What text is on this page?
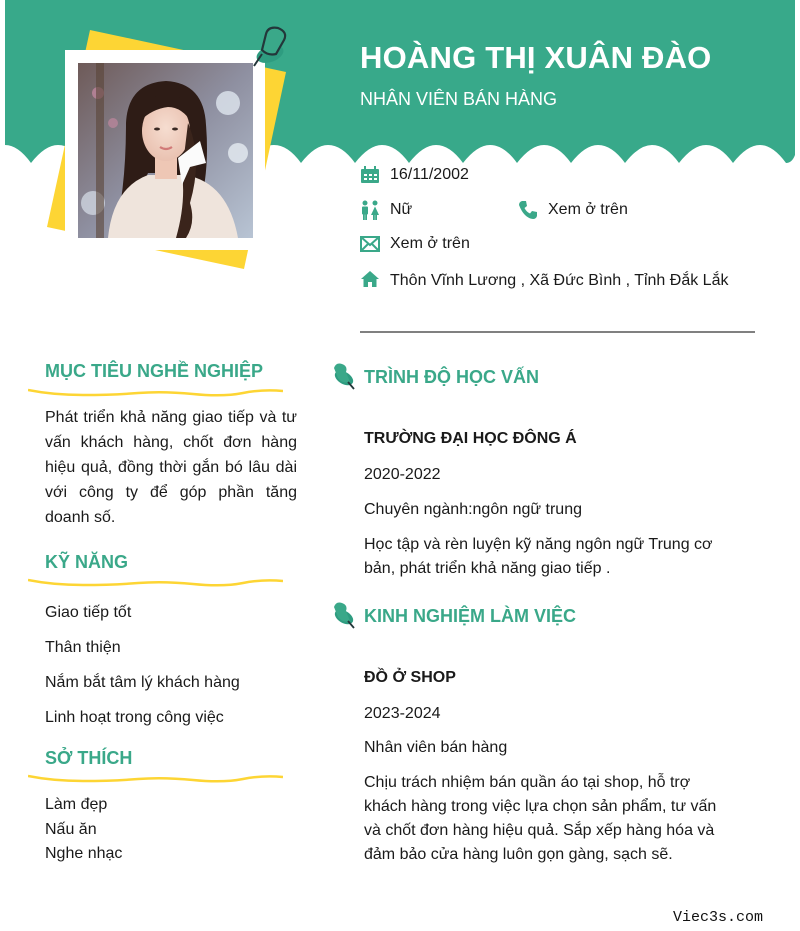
HOÀNG THỊ XUÂN ĐÀO
NHÂN VIÊN BÁN HÀNG
16/11/2002
Nữ	Xem ở trên
Xem ở trên
Thôn Vĩnh Lương , Xã Đức Bình , Tỉnh Đắk Lắk
MỤC TIÊU NGHỀ NGHIỆP
Phát triển khả năng giao tiếp và tư vấn khách hàng, chốt đơn hàng hiệu quả, đồng thời gắn bó lâu dài với công ty để góp phần tăng doanh số.
KỸ NĂNG
Giao tiếp tốt
Thân thiện
Nắm bắt tâm lý khách hàng
Linh hoạt trong công việc
SỞ THÍCH
Làm đẹp
Nấu ăn
Nghe nhạc
TRÌNH ĐỘ HỌC VẤN
TRƯỜNG ĐẠI HỌC ĐÔNG Á
2020-2022
Chuyên ngành:ngôn ngữ trung
Học tập và rèn luyện kỹ năng ngôn ngữ Trung cơ bản, phát triển khả năng giao tiếp .
KINH NGHIỆM LÀM VIỆC
ĐỒ Ở SHOP
2023-2024
Nhân viên bán hàng
Chịu trách nhiệm bán quần áo tại shop, hỗ trợ khách hàng trong việc lựa chọn sản phẩm, tư vấn và chốt đơn hàng hiệu quả. Sắp xếp hàng hóa và đảm bảo cửa hàng luôn gọn gàng, sạch sẽ.
Viec3s.com
